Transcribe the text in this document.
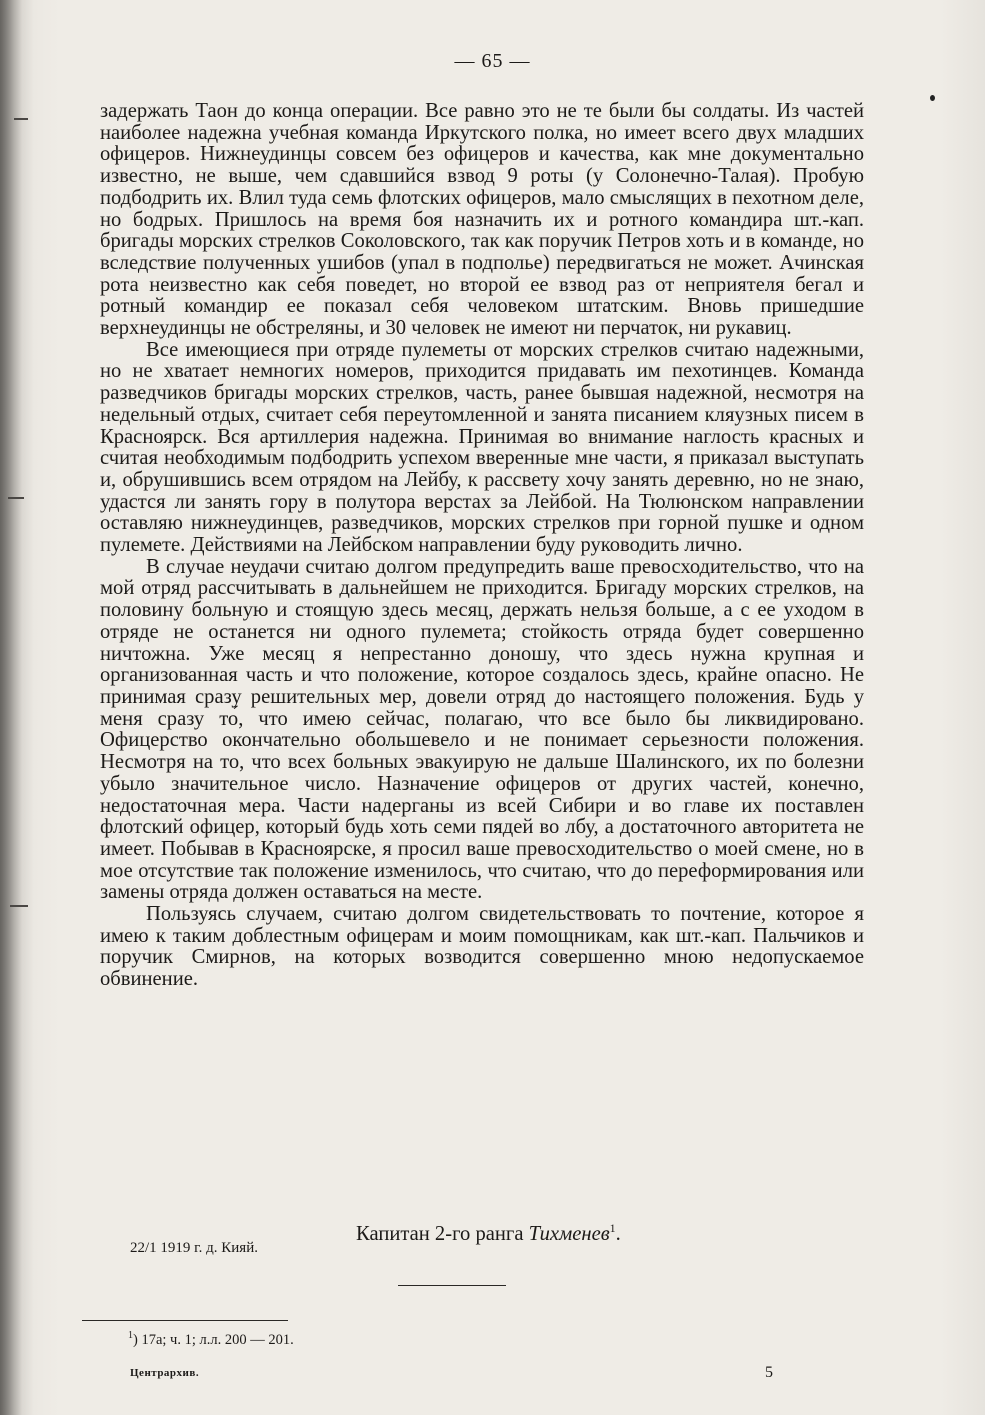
— 65 —

задержать Таон до конца операции. Все равно это не те были бы солдаты. Из частей наиболее надежна учебная команда Иркутского полка, но имеет всего двух младших офицеров. Нижнеудинцы совсем без офицеров и качества, как мне документально известно, не выше, чем сдавшийся взвод 9 роты (у Солонечно-Талая). Пробую подбодрить их. Влил туда семь флотских офицеров, мало смыслящих в пехотном деле, но бодрых. Пришлось на время боя назначить их и ротного командира шт.-кап. бригады морских стрелков Соколовского, так как поручик Петров хоть и в команде, но вследствие полученных ушибов (упал в подполье) передвигаться не может. Ачинская рота неизвестно как себя поведет, но второй ее взвод раз от неприятеля бегал и ротный командир ее показал себя человеком штатским. Вновь пришедшие верхнеудинцы не обстреляны, и 30 человек не имеют ни перчаток, ни рукавиц.

Все имеющиеся при отряде пулеметы от морских стрелков считаю надежными, но не хватает немногих номеров, приходится придавать им пехотинцев. Команда разведчиков бригады морских стрелков, часть, ранее бывшая надежной, несмотря на недельный отдых, считает себя переутомленной и занята писанием кляузных писем в Красноярск. Вся артиллерия надежна. Принимая во внимание наглость красных и считая необходимым подбодрить успехом вверенные мне части, я приказал выступать и, обрушившись всем отрядом на Лейбу, к рассвету хочу занять деревню, но не знаю, удастся ли занять гору в полутора верстах за Лейбой. На Тюлюнском направлении оставляю нижнеудинцев, разведчиков, морских стрелков при горной пушке и одном пулемете. Действиями на Лейбском направлении буду руководить лично.

В случае неудачи считаю долгом предупредить ваше превосходительство, что на мой отряд рассчитывать в дальнейшем не приходится. Бригаду морских стрелков, на половину больную и стоящую здесь месяц, держать нельзя больше, а с ее уходом в отряде не останется ни одного пулемета; стойкость отряда будет совершенно ничтожна. Уже месяц я непрестанно доношу, что здесь нужна крупная и организованная часть и что положение, которое создалось здесь, крайне опасно. Не принимая сразу решительных мер, довели отряд до настоящего положения. Будь у меня сразу то́, что имею сейчас, полагаю, что все было бы ликвидировано. Офицерство окончательно обольшевело и не понимает серьезности положения. Несмотря на то, что всех больных эвакуирую не дальше Шалинского, их по болезни убыло значительное число. Назначение офицеров от других частей, конечно, недостаточная мера. Части надерганы из всей Сибири и во главе их поставлен флотский офицер, который будь хоть семи пядей во лбу, а достаточного авторитета не имеет. Побывав в Красноярске, я просил ваше превосходительство о моей смене, но в мое отсутствие так положение изменилось, что считаю, что до переформирования или замены отряда должен оставаться на месте.

Пользуясь случаем, считаю долгом свидетельствовать то почтение, которое я имею к таким доблестным офицерам и моим помощникам, как шт.-кап. Пальчиков и поручик Смирнов, на которых возводится совершенно мною недопускаемое обвинение.

Капитан 2-го ранга Тихменев$^1$.
22/1 1919 г. д. Кияй.
$^1$) 17а; ч. 1; л.л. 200 — 201.
Центрархив.	5
